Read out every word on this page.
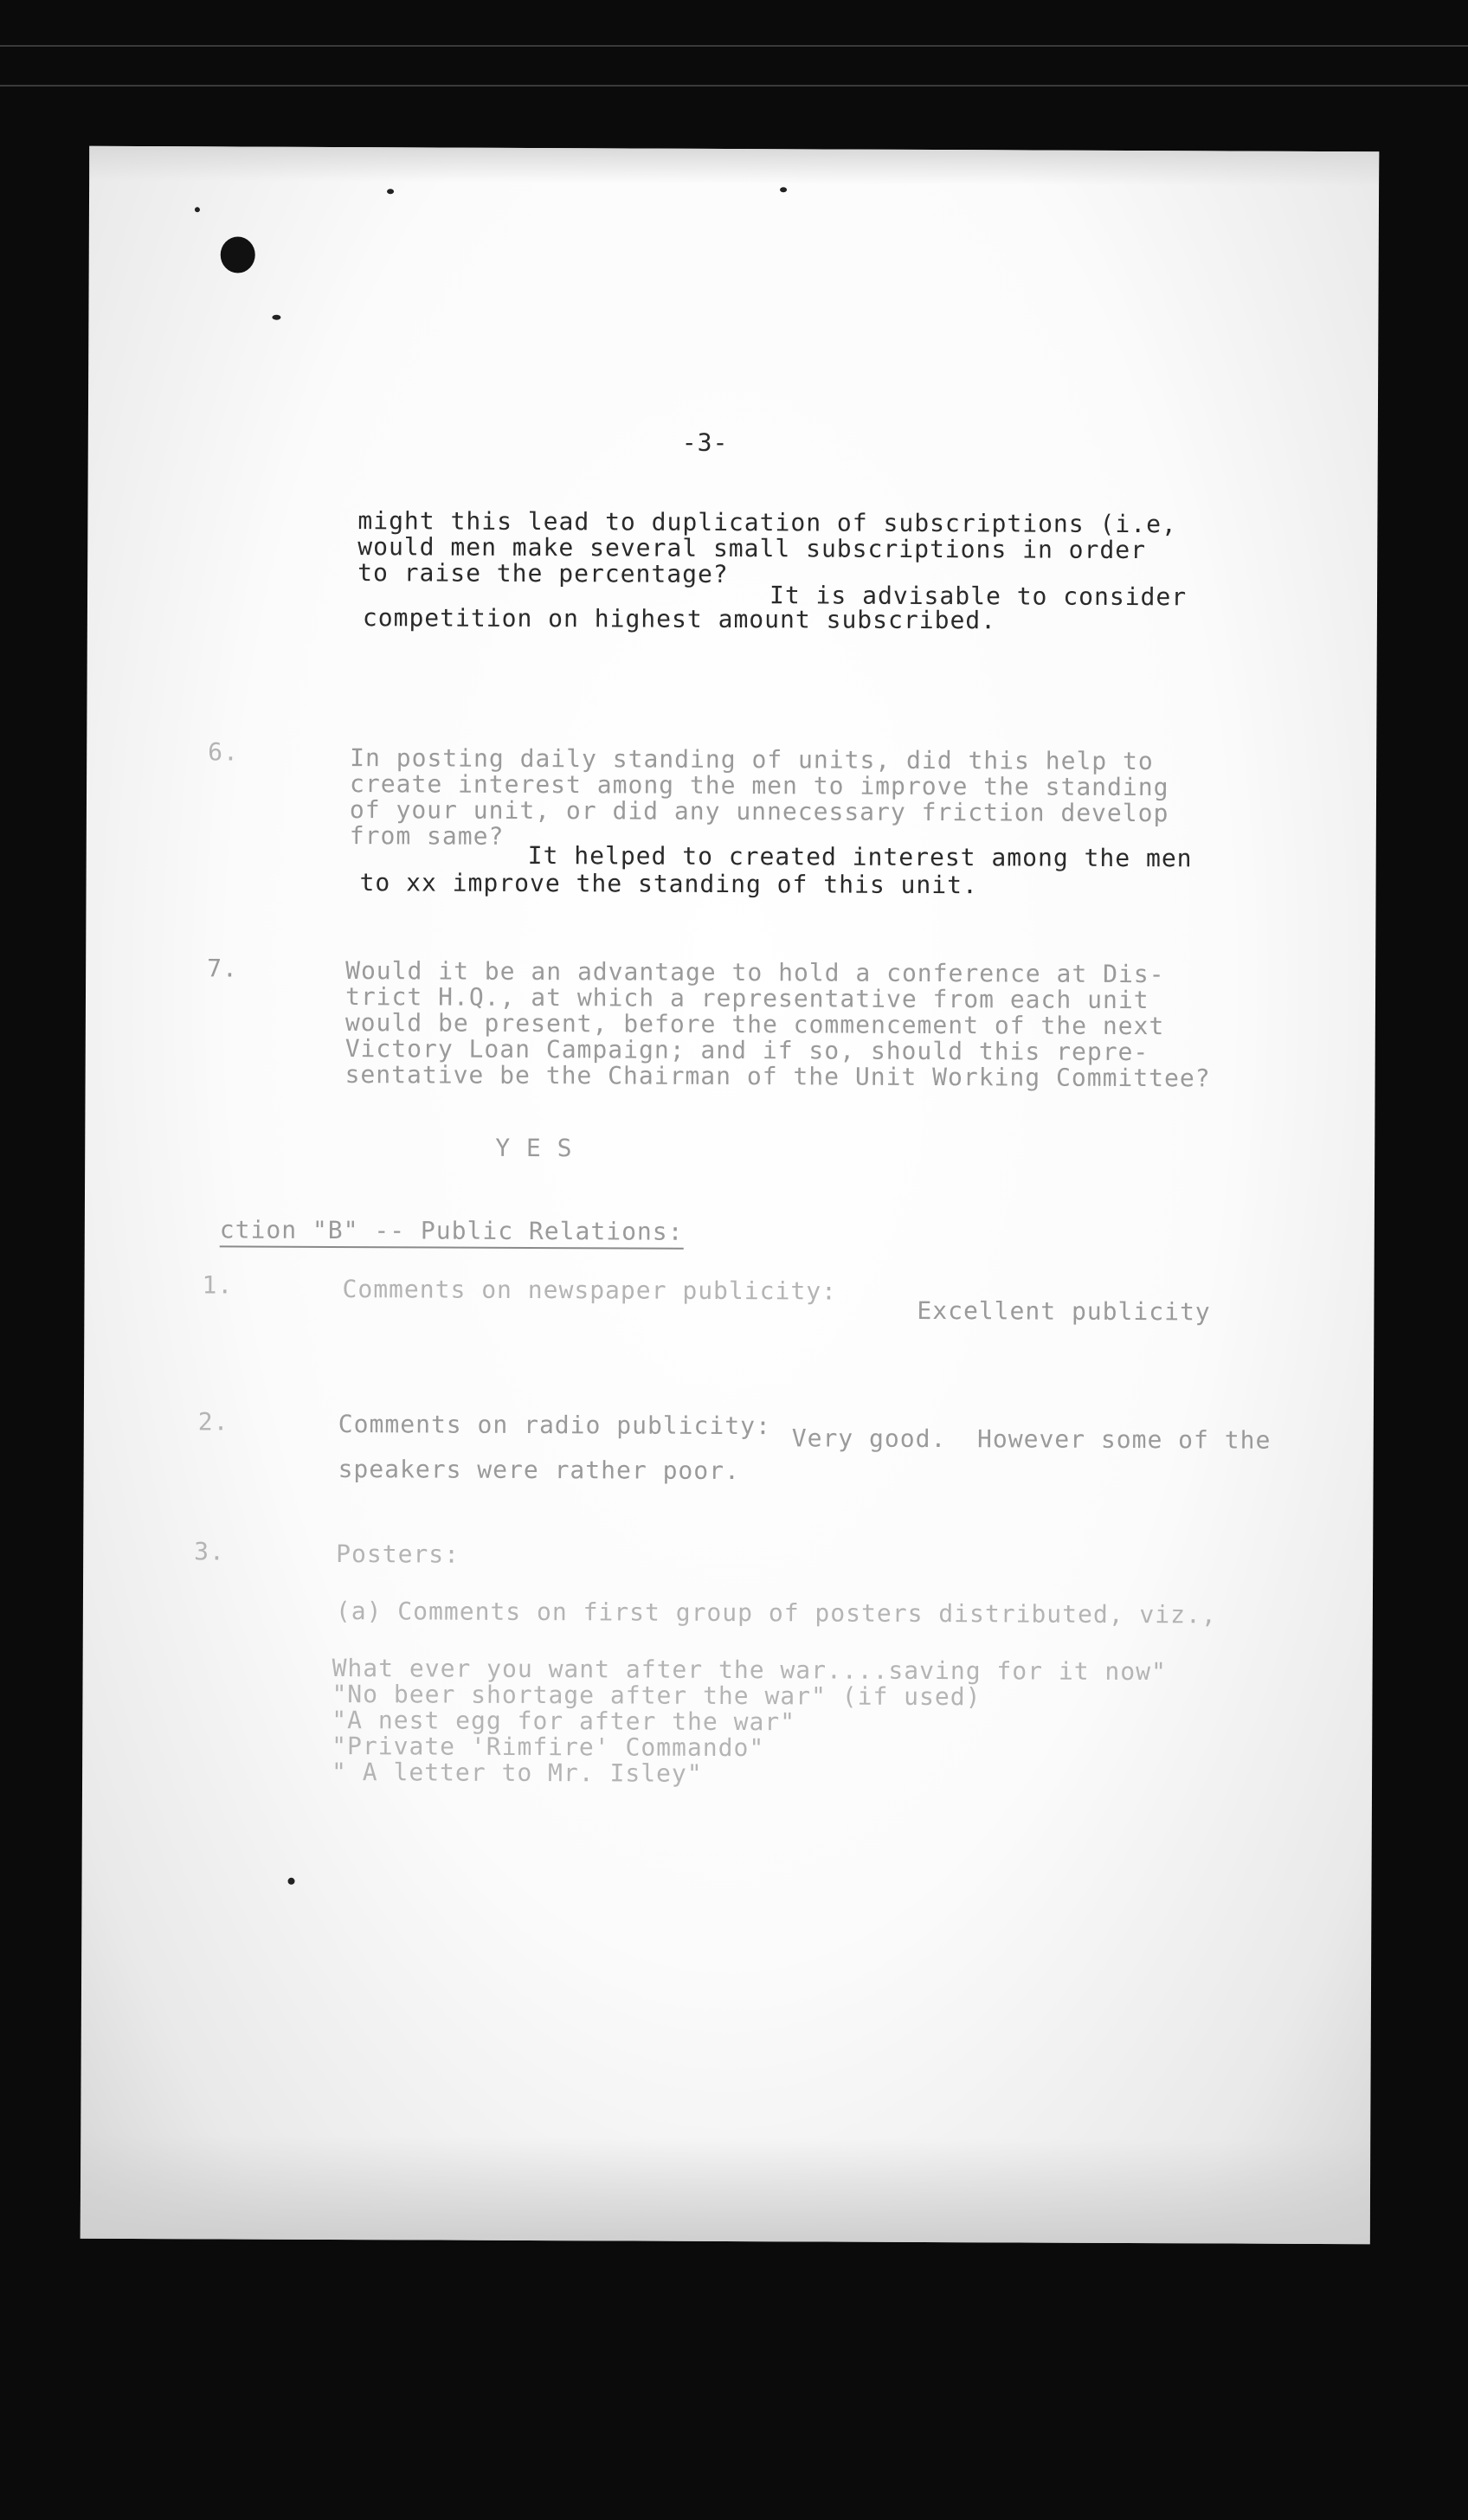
-3-
might this lead to duplication of subscriptions (i.e,
would men make several small subscriptions in order
to raise the percentage?
It is advisable to consider
competition on highest amount subscribed.
6.	In posting daily standing of units, did this help to
create interest among the men to improve the standing
of your unit, or did any unnecessary friction develop
from same?
It helped to created interest among the men
to xx improve the standing of this unit.
7.	Would it be an advantage to hold a conference at Dis-
trict H.Q., at which a representative from each unit
would be present, before the commencement of the next
Victory Loan Campaign; and if so, should this repre-
sentative be the Chairman of the Unit Working Committee?
Y E S
ction "B" -- Public Relations:
1.	Comments on newspaper publicity:
Excellent publicity
2.	Comments on radio publicity: Very good.  However some of the
speakers were rather poor.
3.	Posters:
(a) Comments on first group of posters distributed, viz.,
What ever you want after the war....saving for it now"
"No beer shortage after the war" (if used)
"A nest egg for after the war"
"Private 'Rimfire' Commando"
" A letter to Mr. Isley"
